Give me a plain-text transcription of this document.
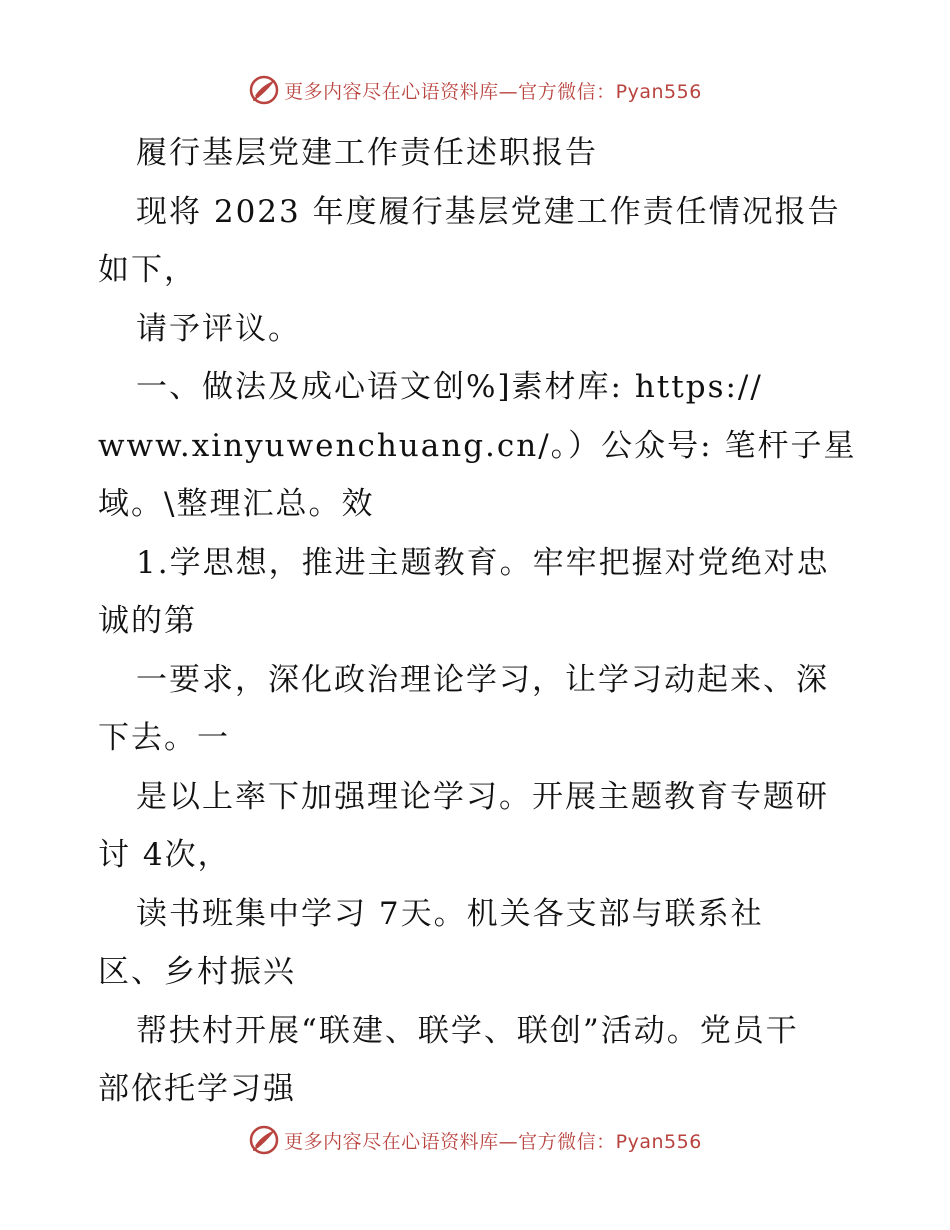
更多内容尽在心语资料库—官方微信：Pyan556

履行基层党建工作责任述职报告

现将 2023 年度履行基层党建工作责任情况报告

如下，

请予评议。

一、做法及成心语文创%]素材库: https://

www.xinyuwenchuang.cn/。）公众号: 笔杆子星

域。\整理汇总。效

1.学思想，推进主题教育。牢牢把握对党绝对忠

诚的第

一要求，深化政治理论学习，让学习动起来、深

下去。一

是以上率下加强理论学习。开展主题教育专题研

讨 4次，

读书班集中学习 7天。机关各支部与联系社

区、乡村振兴

帮扶村开展“联建、联学、联创”活动。党员干

部依托学习强

更多内容尽在心语资料库—官方微信：Pyan556
